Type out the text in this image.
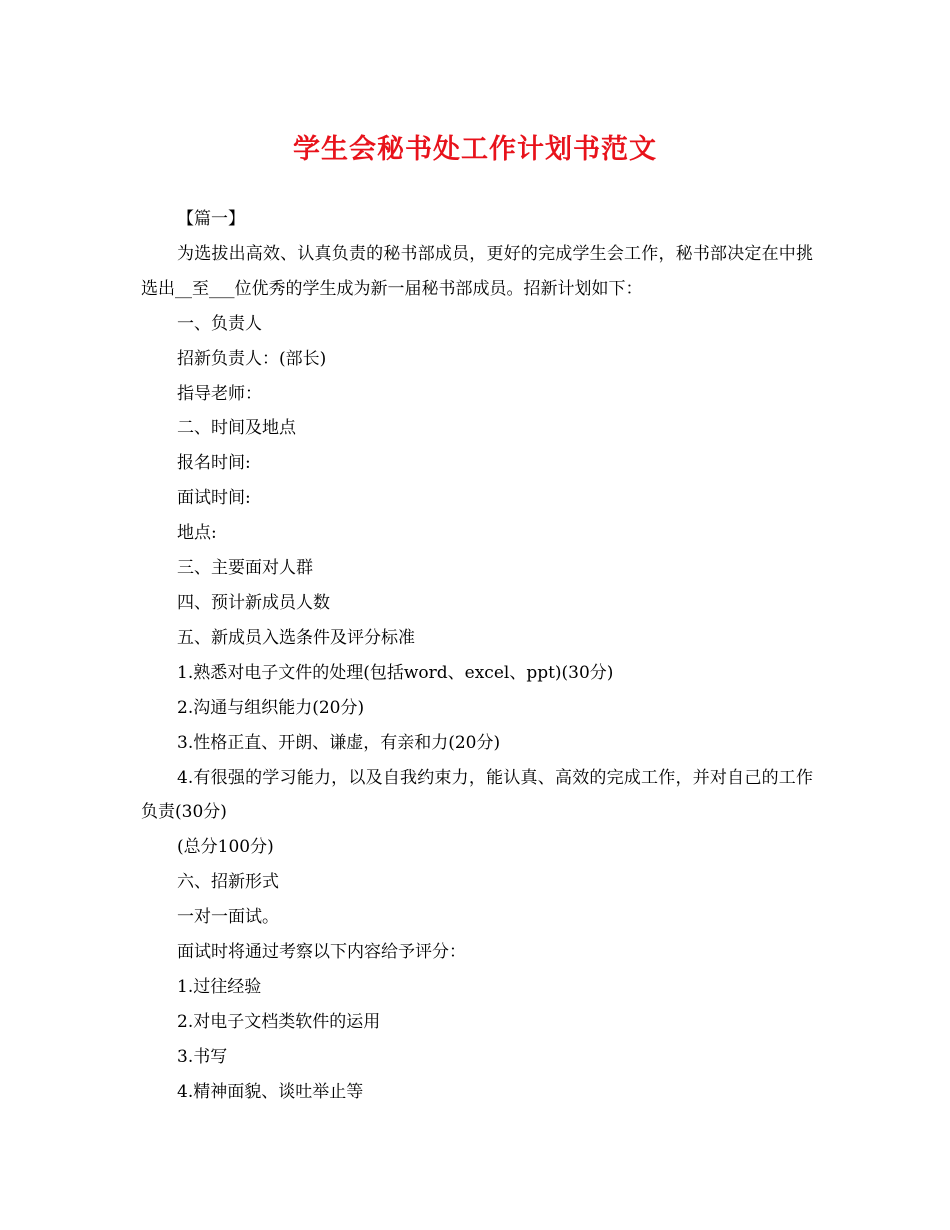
学生会秘书处工作计划书范文

【篇一】

为选拔出高效、认真负责的秘书部成员，更好的完成学生会工作，秘书部决定在中挑选出__至___位优秀的学生成为新一届秘书部成员。招新计划如下：

一、负责人

招新负责人：(部长)

指导老师：

二、时间及地点

报名时间:

面试时间:

地点:

三、主要面对人群

四、预计新成员人数

五、新成员入选条件及评分标准

1.熟悉对电子文件的处理(包括word、excel、ppt)(30分)

2.沟通与组织能力(20分)

3.性格正直、开朗、谦虚，有亲和力(20分)

4.有很强的学习能力，以及自我约束力，能认真、高效的完成工作，并对自己的工作负责(30分)

(总分100分)

六、招新形式

一对一面试。

面试时将通过考察以下内容给予评分：

1.过往经验

2.对电子文档类软件的运用

3.书写

4.精神面貌、谈吐举止等
